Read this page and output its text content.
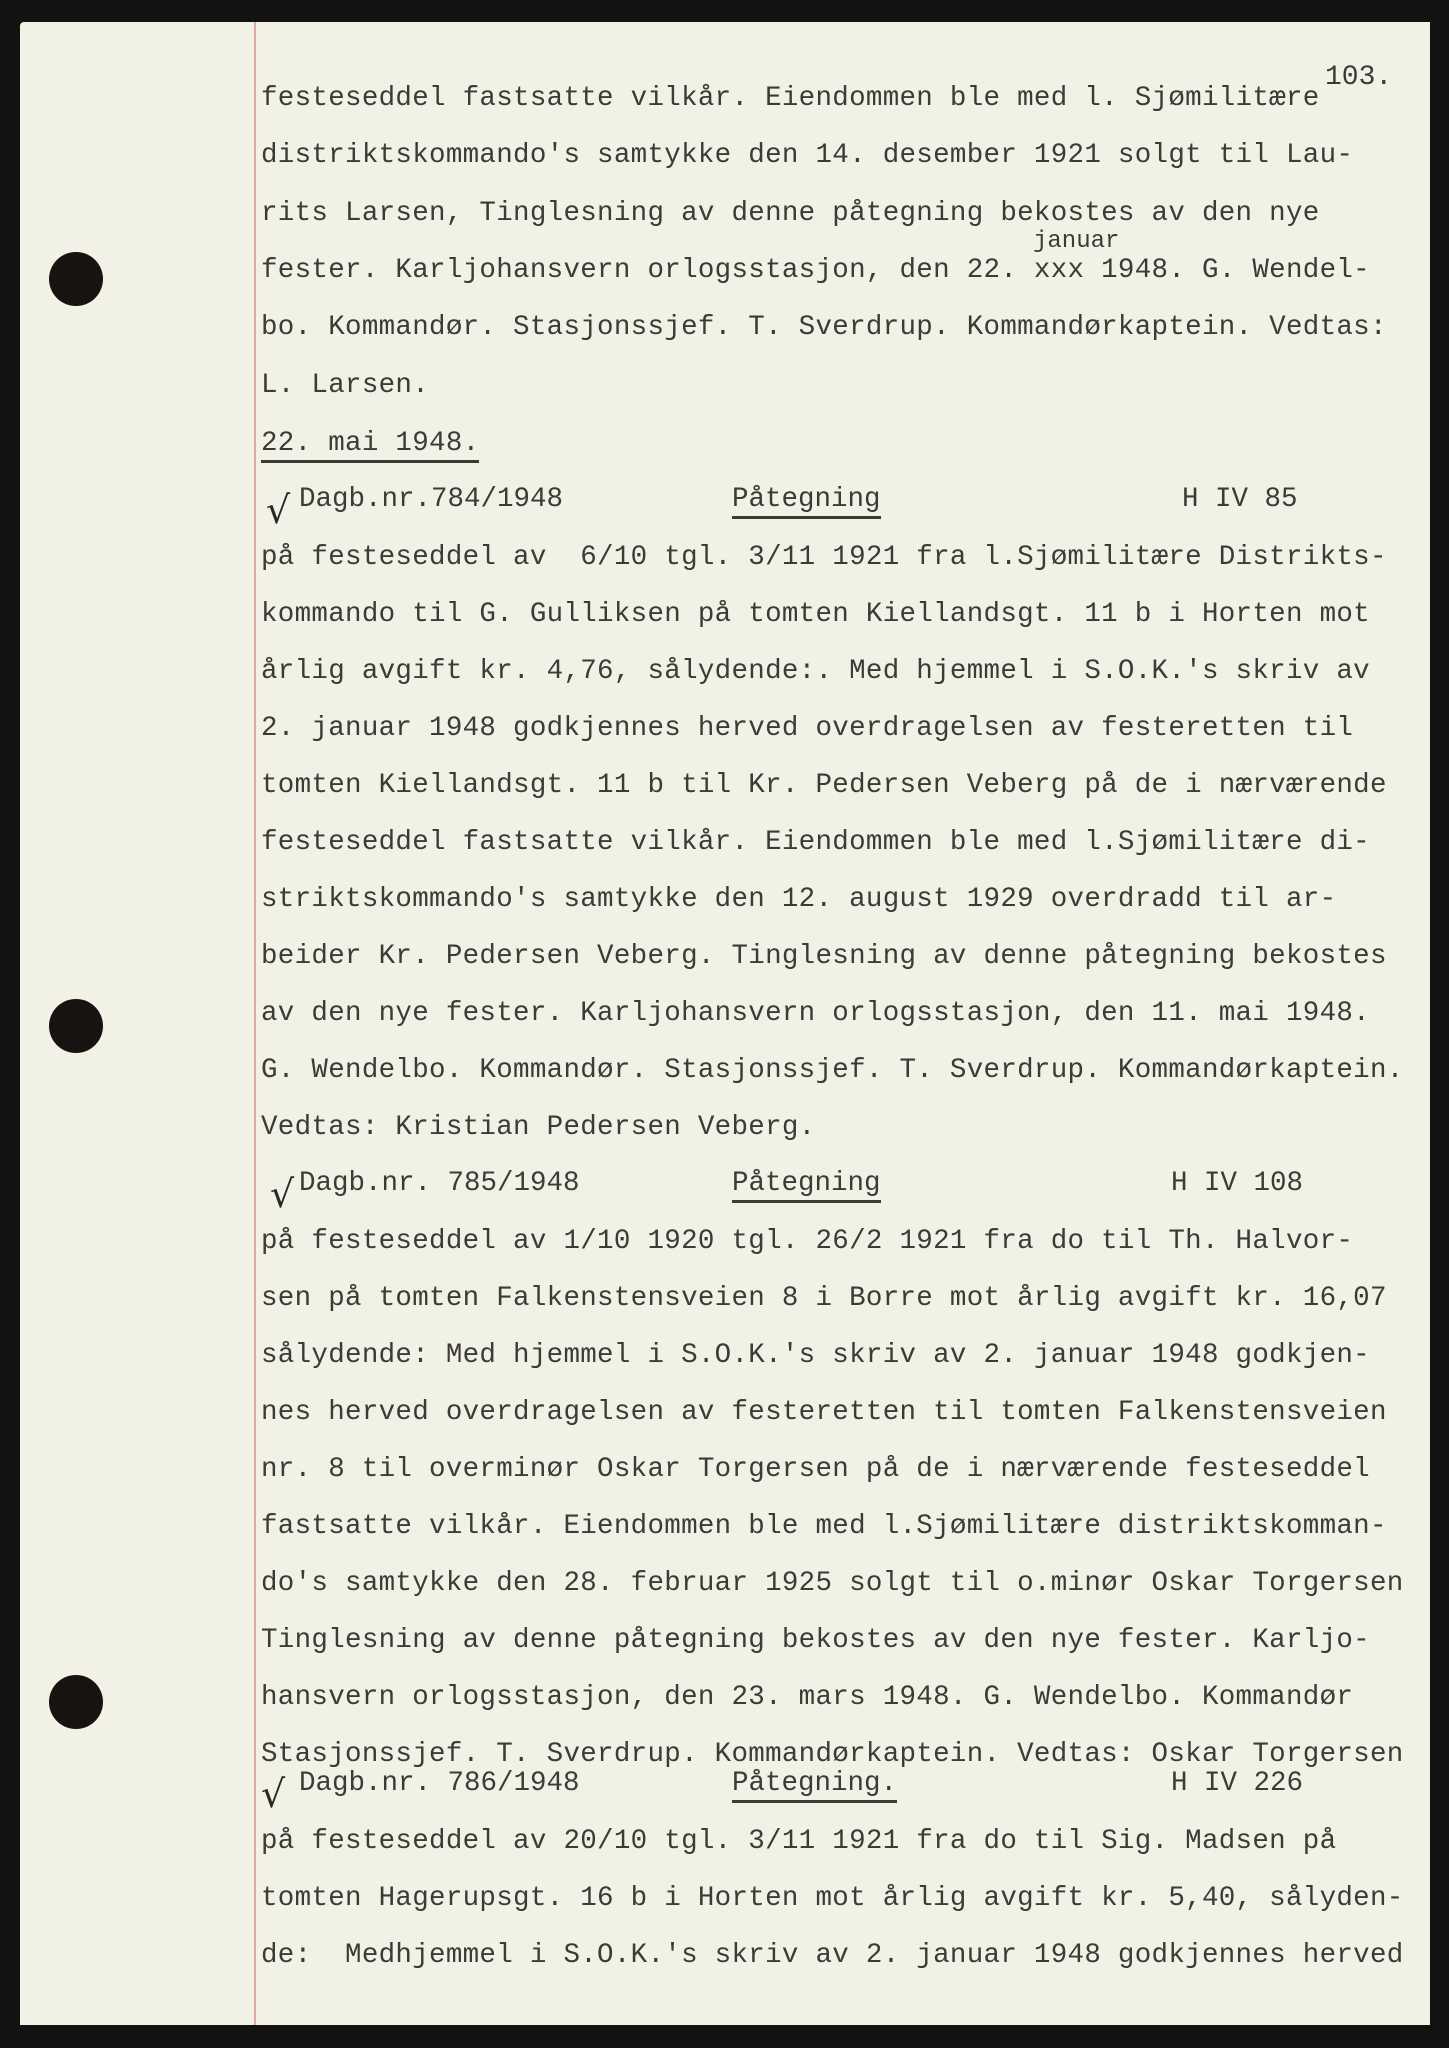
103.
festeseddel fastsatte vilkår. Eiendommen ble med l. Sjømilitære
distriktskommando's samtykke den 14. desember 1921 solgt til Lau-
rits Larsen, Tinglesning av denne påtegning bekostes av den nye
januar
fester. Karljohansvern orlogsstasjon, den 22. xxx 1948. G. Wendel-
bo. Kommandør. Stasjonssjef. T. Sverdrup. Kommandørkaptein. Vedtas:
L. Larsen.
22. mai 1948.
√ Dagb.nr.784/1948	Påtegning	H IV 85
på festeseddel av  6/10 tgl. 3/11 1921 fra l.Sjømilitære Distrikts-
kommando til G. Gulliksen på tomten Kiellandsgt. 11 b i Horten mot
årlig avgift kr. 4,76, sålydende:. Med hjemmel i S.O.K.'s skriv av
2. januar 1948 godkjennes herved overdragelsen av festeretten til
tomten Kiellandsgt. 11 b til Kr. Pedersen Veberg på de i nærværende
festeseddel fastsatte vilkår. Eiendommen ble med l.Sjømilitære di-
striktskommando's samtykke den 12. august 1929 overdradd til ar-
beider Kr. Pedersen Veberg. Tinglesning av denne påtegning bekostes
av den nye fester. Karljohansvern orlogsstasjon, den 11. mai 1948.
G. Wendelbo. Kommandør. Stasjonssjef. T. Sverdrup. Kommandørkaptein.
Vedtas: Kristian Pedersen Veberg.
√ Dagb.nr. 785/1948	Påtegning	H IV 108
på festeseddel av 1/10 1920 tgl. 26/2 1921 fra do til Th. Halvor-
sen på tomten Falkenstensveien 8 i Borre mot årlig avgift kr. 16,07
sålydende: Med hjemmel i S.O.K.'s skriv av 2. januar 1948 godkjen-
nes herved overdragelsen av festeretten til tomten Falkenstensveien
nr. 8 til overminør Oskar Torgersen på de i nærværende festeseddel
fastsatte vilkår. Eiendommen ble med l.Sjømilitære distriktskomman-
do's samtykke den 28. februar 1925 solgt til o.minør Oskar Torgersen
Tinglesning av denne påtegning bekostes av den nye fester. Karljo-
hansvern orlogsstasjon, den 23. mars 1948. G. Wendelbo. Kommandør
Stasjonssjef. T. Sverdrup. Kommandørkaptein. Vedtas: Oskar Torgersen
√ Dagb.nr. 786/1948	Påtegning.	H IV 226
på festeseddel av 20/10 tgl. 3/11 1921 fra do til Sig. Madsen på
tomten Hagerupsgt. 16 b i Horten mot årlig avgift kr. 5,40, sålyden-
de:  Medhjemmel i S.O.K.'s skriv av 2. januar 1948 godkjennes herved
